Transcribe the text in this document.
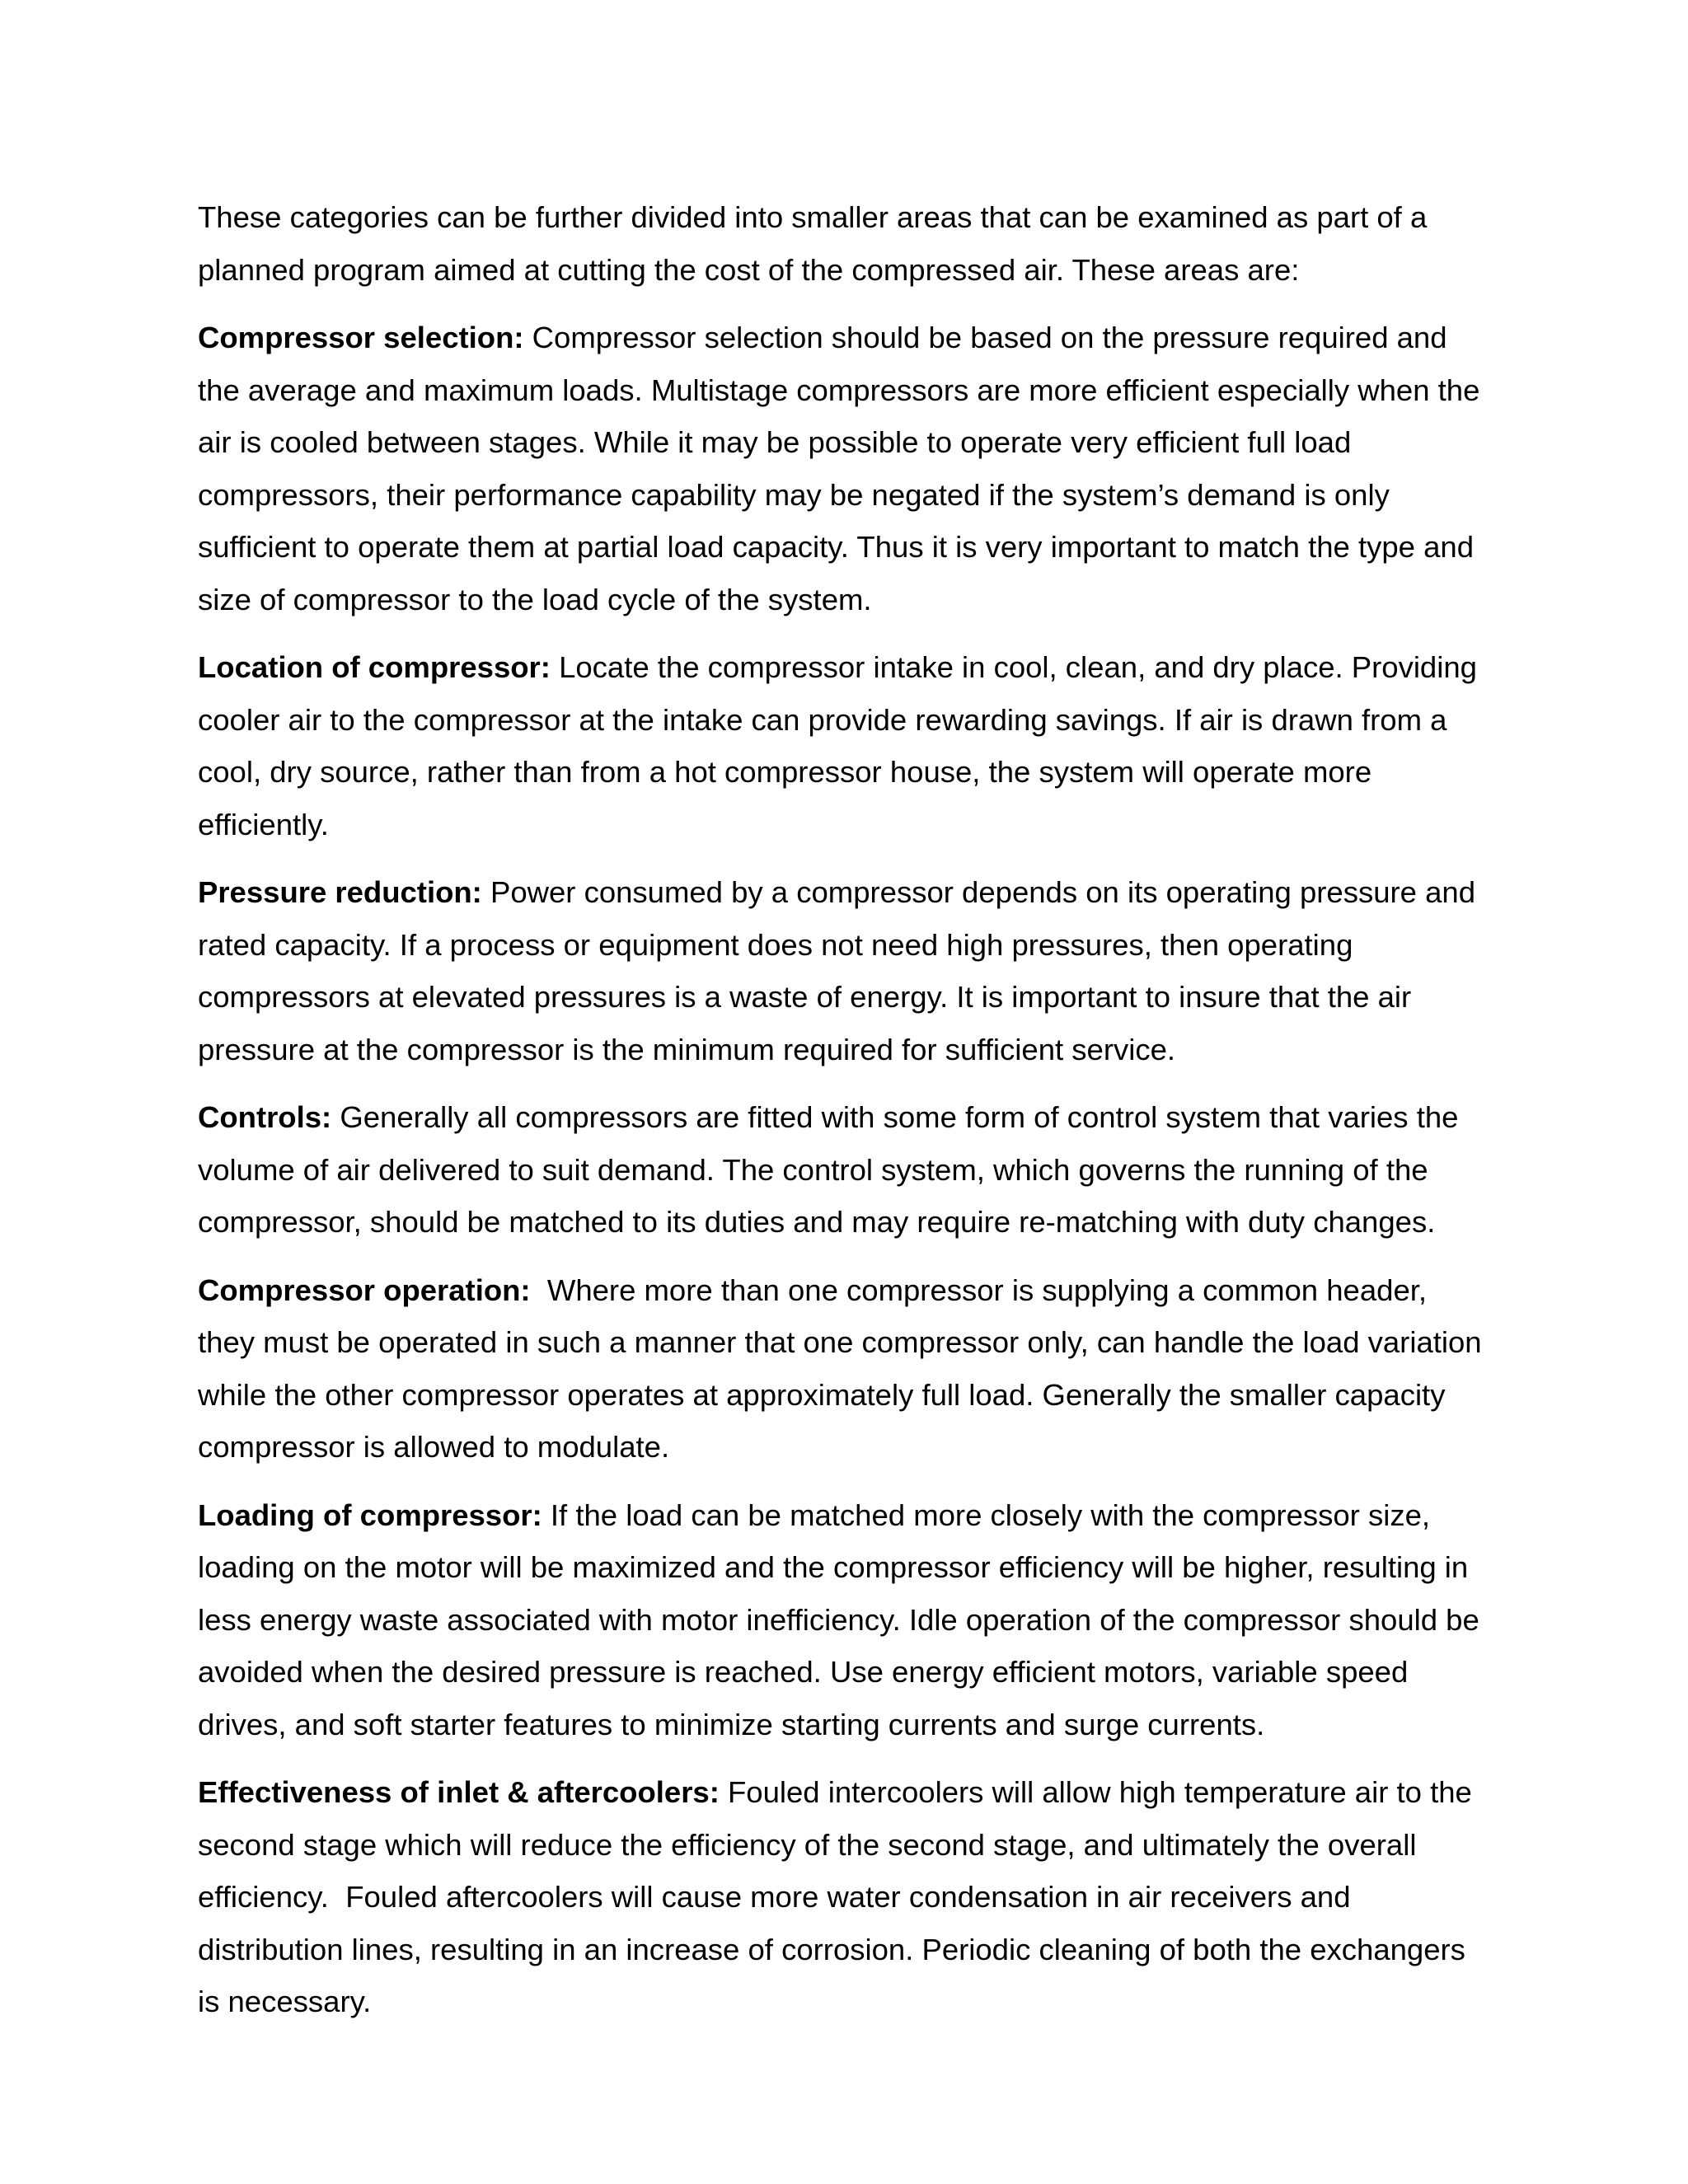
These categories can be further divided into smaller areas that can be examined as part of a planned program aimed at cutting the cost of the compressed air. These areas are:

Compressor selection: Compressor selection should be based on the pressure required and the average and maximum loads. Multistage compressors are more efficient especially when the air is cooled between stages. While it may be possible to operate very efficient full load compressors, their performance capability may be negated if the system’s demand is only sufficient to operate them at partial load capacity. Thus it is very important to match the type and size of compressor to the load cycle of the system.

Location of compressor: Locate the compressor intake in cool, clean, and dry place. Providing cooler air to the compressor at the intake can provide rewarding savings. If air is drawn from a cool, dry source, rather than from a hot compressor house, the system will operate more efficiently.

Pressure reduction: Power consumed by a compressor depends on its operating pressure and rated capacity. If a process or equipment does not need high pressures, then operating compressors at elevated pressures is a waste of energy. It is important to insure that the air pressure at the compressor is the minimum required for sufficient service.

Controls: Generally all compressors are fitted with some form of control system that varies the volume of air delivered to suit demand. The control system, which governs the running of the compressor, should be matched to its duties and may require re-matching with duty changes.

Compressor operation:  Where more than one compressor is supplying a common header, they must be operated in such a manner that one compressor only, can handle the load variation while the other compressor operates at approximately full load. Generally the smaller capacity compressor is allowed to modulate.

Loading of compressor: If the load can be matched more closely with the compressor size, loading on the motor will be maximized and the compressor efficiency will be higher, resulting in less energy waste associated with motor inefficiency. Idle operation of the compressor should be avoided when the desired pressure is reached. Use energy efficient motors, variable speed drives, and soft starter features to minimize starting currents and surge currents.

Effectiveness of inlet & aftercoolers: Fouled intercoolers will allow high temperature air to the second stage which will reduce the efficiency of the second stage, and ultimately the overall efficiency.  Fouled aftercoolers will cause more water condensation in air receivers and distribution lines, resulting in an increase of corrosion. Periodic cleaning of both the exchangers is necessary.
